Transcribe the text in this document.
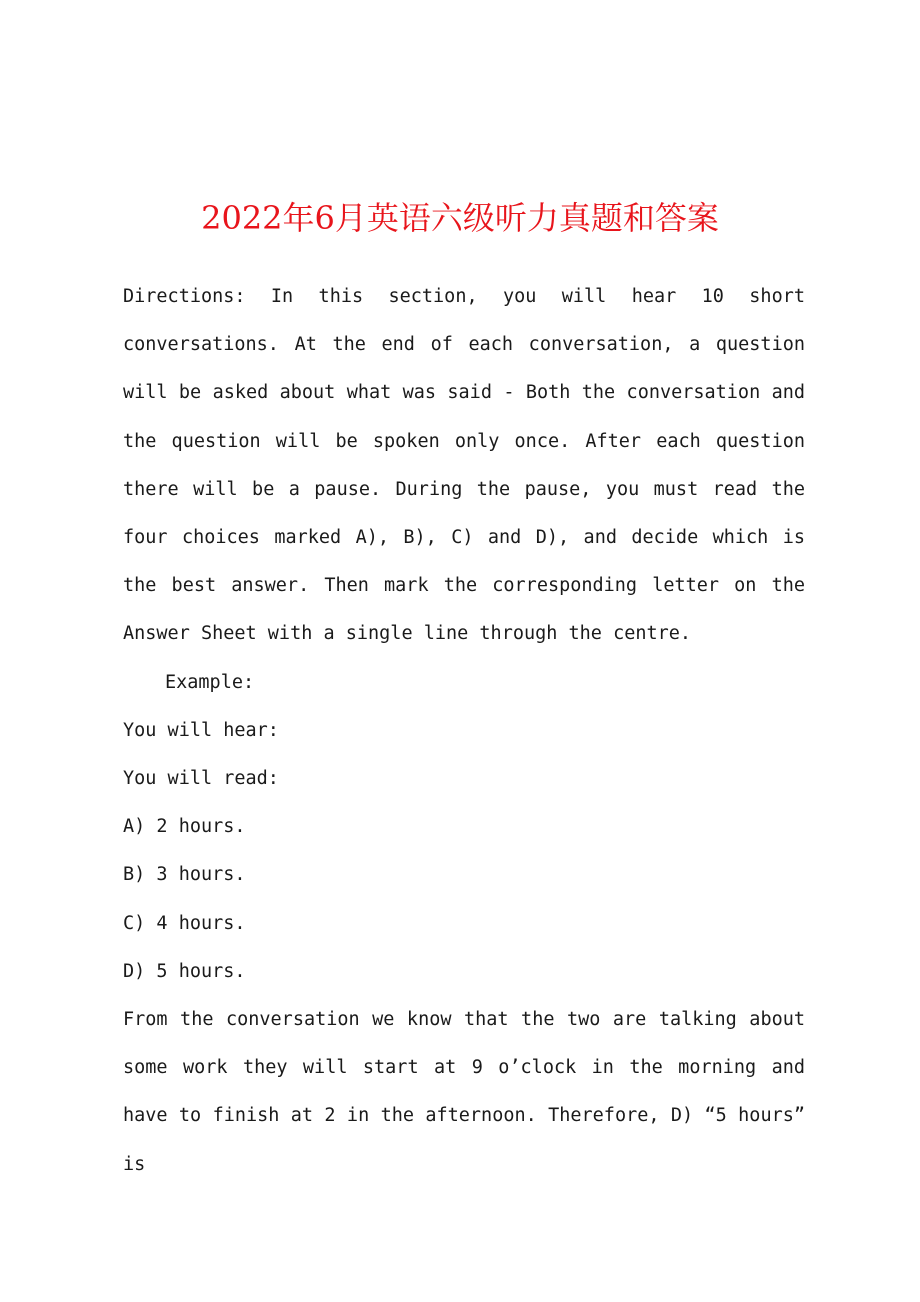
2022年6月英语六级听力真题和答案

Directions: In this section, you will hear 10 short conversations. At the end of each conversation, a question will be asked about what was said - Both the conversation and the question will be spoken only once. After each question there will be a pause. During the pause, you must read the four choices marked A), B), C) and D), and decide which is the best answer. Then mark the corresponding letter on the Answer Sheet with a single line through the centre.

Example:

You will hear:

You will read:

A) 2 hours.

B) 3 hours.

C) 4 hours.

D) 5 hours.

From the conversation we know that the two are talking about some work they will start at 9 o’clock in the morning and have to finish at 2 in the afternoon. Therefore, D) “5 hours” is
